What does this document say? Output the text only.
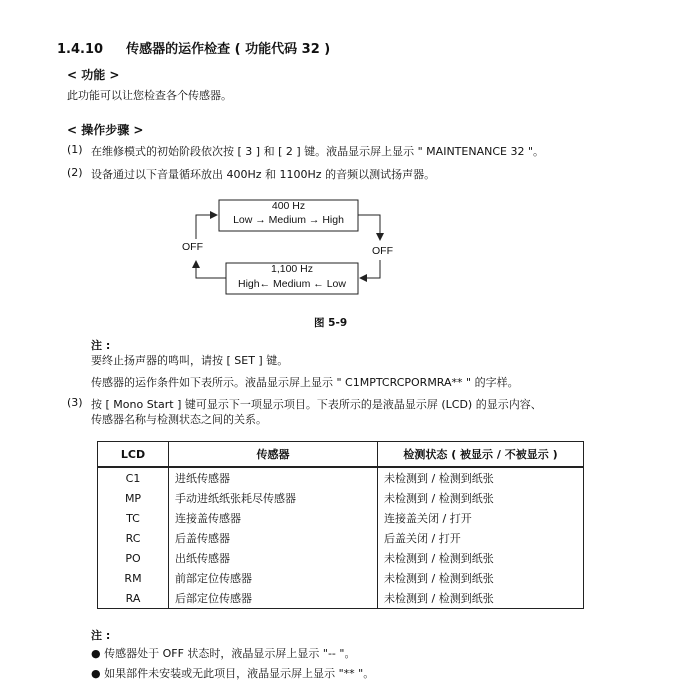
1.4.10 传感器的运作检查 ( 功能代码 32 )
< 功能 >
此功能可以让您检查各个传感器。
< 操作步骤 >
(1) 在维修模式的初始阶段依次按 [ 3 ] 和 [ 2 ] 键。液晶显示屏上显示 " MAINTENANCE 32 "。
(2) 设备通过以下音量循环放出 400Hz 和 1100Hz 的音频以测试扬声器。
400 Hz
Low → Medium → High
1,100 Hz
High← Medium ← Low
OFF	OFF
图 5-9
注 :
要终止扬声器的鸣叫，请按 [ SET ] 键。
传感器的运作条件如下表所示。液晶显示屏上显示 " C1MPTCRCPORMRA** " 的字样。
(3) 按 [ Mono Start ] 键可显示下一项显示项目。下表所示的是液晶显示屏 (LCD) 的显示内容、
传感器名称与检测状态之间的关系。
LCD	传感器	检测状态 ( 被显示 / 不被显示 )
C1	进纸传感器	未检测到 / 检测到纸张
MP	手动进纸纸张耗尽传感器	未检测到 / 检测到纸张
TC	连接盖传感器	连接盖关闭 / 打开
RC	后盖传感器	后盖关闭 / 打开
PO	出纸传感器	未检测到 / 检测到纸张
RM	前部定位传感器	未检测到 / 检测到纸张
RA	后部定位传感器	未检测到 / 检测到纸张
注 :
● 传感器处于 OFF 状态时，液晶显示屏上显示 "-- "。
● 如果部件未安装或无此项目，液晶显示屏上显示 "** "。
